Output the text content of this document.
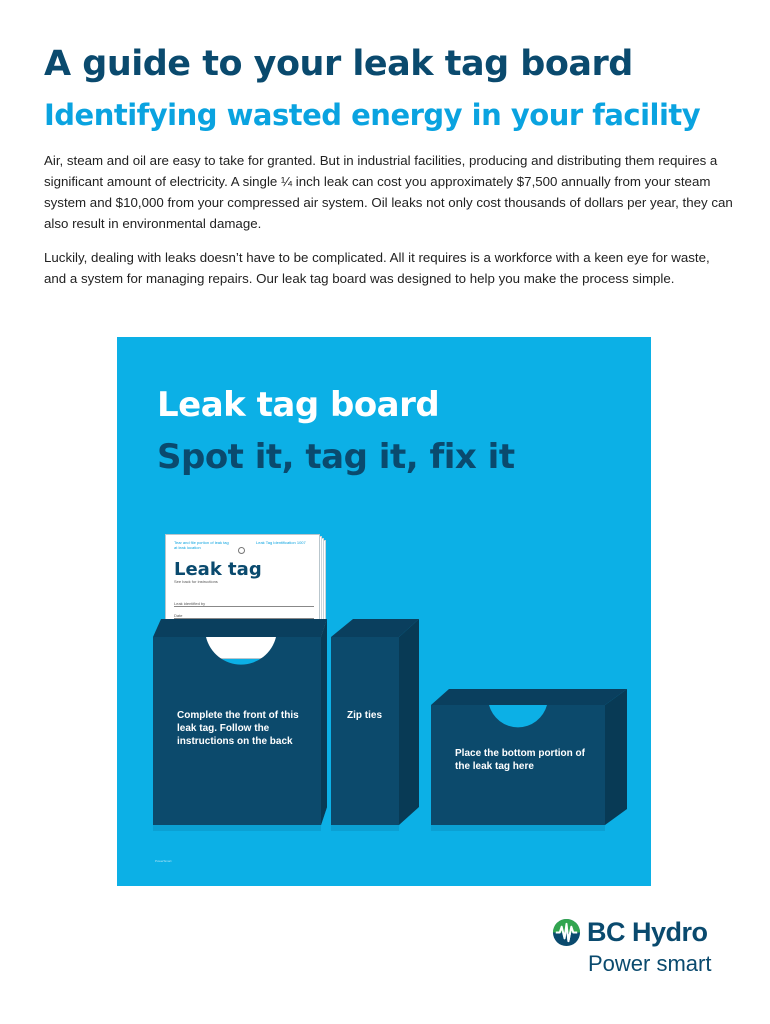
A guide to your leak tag board
Identifying wasted energy in your facility

Air, steam and oil are easy to take for granted. But in industrial facilities, producing and distributing them requires a significant amount of electricity. A single ¼ inch leak can cost you approximately $7,500 annually from your steam system and $10,000 from your compressed air system. Oil leaks not only cost thousands of dollars per year, they can also result in environmental damage.

Luckily, dealing with leaks doesn’t have to be complicated. All it requires is a workforce with a keen eye for waste, and a system for managing repairs. Our leak tag board was designed to help you make the process simple.

Leak tag board
Spot it, tag it, fix it
Tear and file portion of leak tag at leak location
Leak Tag Identification 1007
Leak tag
See back for instructions
Leak identified by
Date
Complete the front of this leak tag. Follow the instructions on the back
Zip ties
Place the bottom portion of the leak tag here
PowerSmart
BC Hydro
Power smart
